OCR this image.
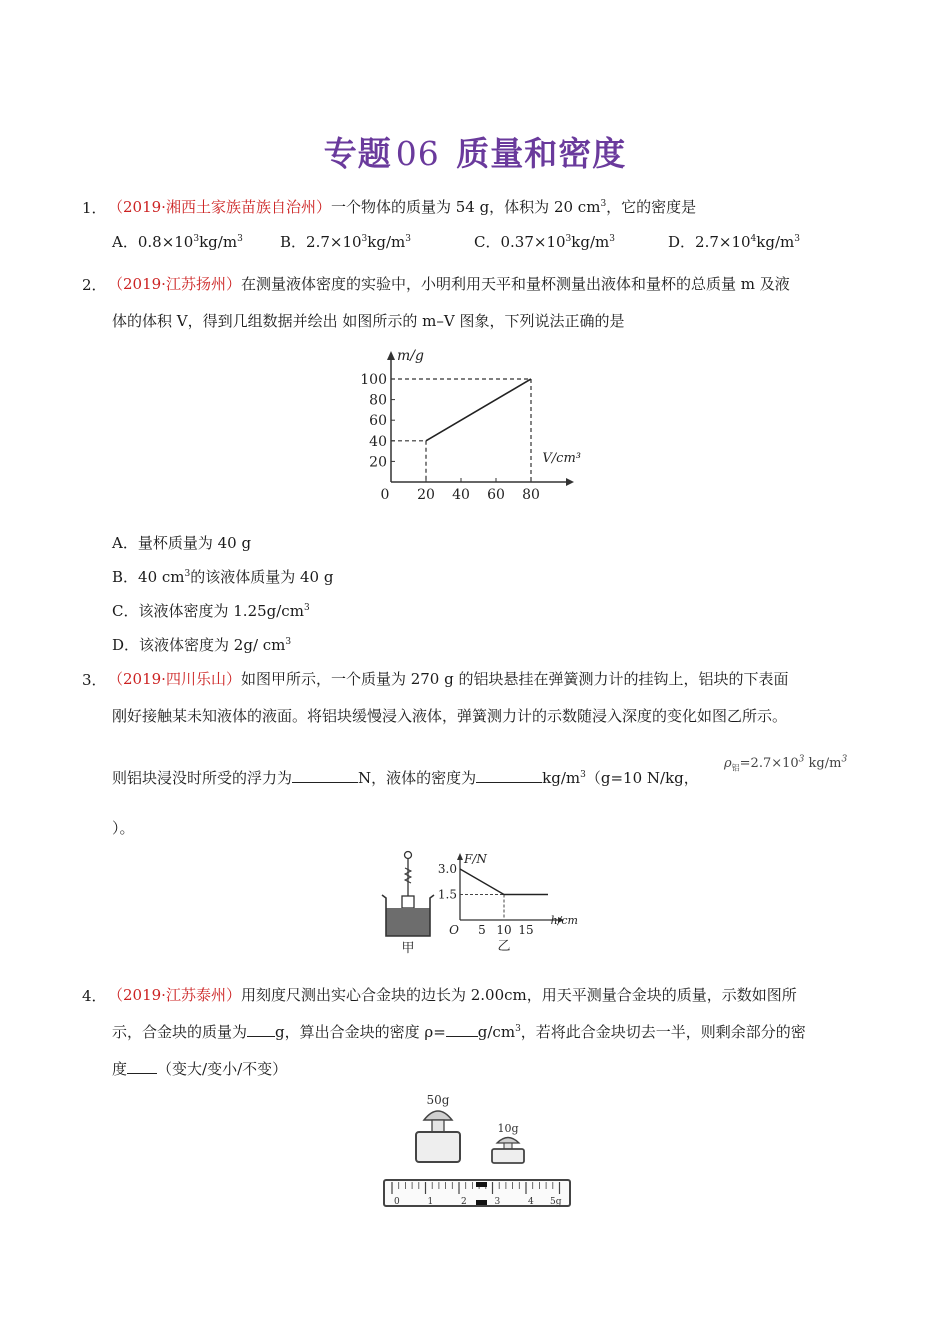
专题 06 质量和密度
1． （2019·湘西土家族苗族自治州）一个物体的质量为 54 g，体积为 20 $cm^3$，它的密度是
A．$0.8\times 10^3kg/m^3$ B．$2.7\times 10^3kg/m^3$	C．$0.37\times 10^3kg/m^3$	D．$2.7\times 10^4kg/m^3$
2． （2019·江苏扬州）在测量液体密度的实验中，小明利用天平和量杯测量出液体和量杯的总质量 m 及液
体的体积 V，得到几组数据并绘出 如图所示的 m–V 图象，下列说法正确的是
20
40
60
80
100
0 20 40 60 80
m/g
V/cm³
A．量杯质量为 40 g
B．40 $cm^3$的该液体质量为 40 g
C．该液体密度为 $1.25g/cm^3$
D．该液体密度为 2g/ $cm^3$
3． （2019·四川乐山）如图甲所示，一个质量为 270 g 的铝块悬挂在弹簧测力计的挂钩上，铝块的下表面
刚好接触某未知液体的液面。将铝块缓慢浸入液体，弹簧测力计的示数随浸入深度的变化如图乙所示。
则铝块浸没时所受的浮力为	N，液体的密度为	$kg/m^3(g=10$ N/kg，
$\rho_铝=2.7\times 10^3$ $kg/m^3$
）。
甲
1.5
3.0
O 5 10 15
F/N
h/cm
乙
4． （2019·江苏泰州）用刻度尺测出实心合金块的边长为 2.00cm，用天平测量合金块的质量，示数如图所
示，合金块的质量为 g，算出合金块的密度 $\rho= g/cm^3$，若将此合金块切去一半，则剩余部分的密
度 （变大/变小/不变）
50g
10g
0	1	2	3	4 5g
